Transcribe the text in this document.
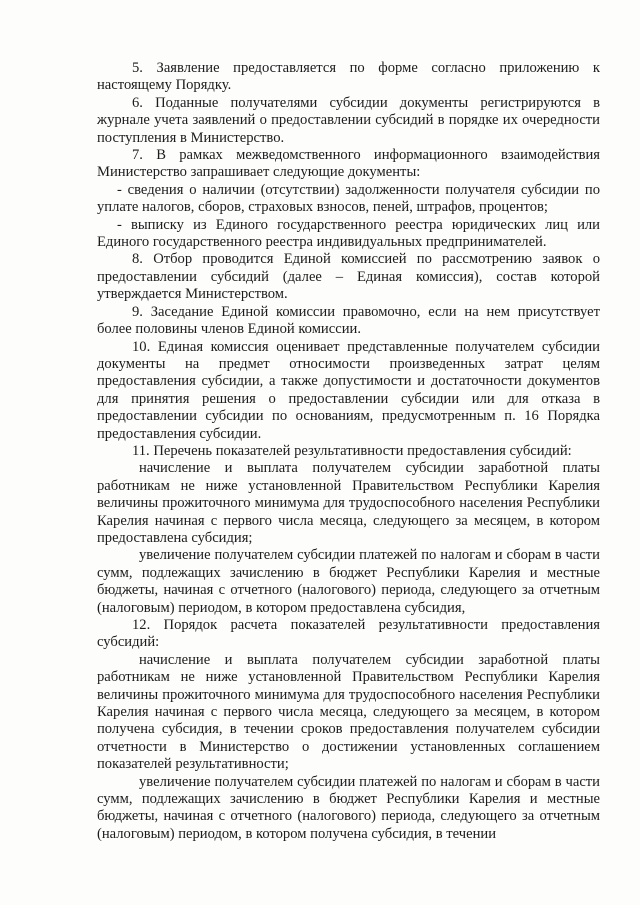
5. Заявление предоставляется по форме согласно приложению к настоящему Порядку.

6. Поданные получателями субсидии документы регистрируются в журнале учета заявлений о предоставлении субсидий в порядке их очередности поступления в Министерство.

7. В рамках межведомственного информационного взаимодействия Министерство запрашивает следующие документы:

- сведения о наличии (отсутствии) задолженности получателя субсидии по уплате налогов, сборов, страховых взносов, пеней, штрафов, процентов;

- выписку из Единого государственного реестра юридических лиц или Единого государственного реестра индивидуальных предпринимателей.

8. Отбор проводится Единой комиссией по рассмотрению заявок о предоставлении субсидий (далее – Единая комиссия), состав которой утверждается Министерством.

9. Заседание Единой комиссии правомочно, если на нем присутствует более половины членов Единой комиссии.

10. Единая комиссия оценивает представленные получателем субсидии документы на предмет относимости произведенных затрат целям предоставления субсидии, а также допустимости и достаточности документов для принятия решения о предоставлении субсидии или для отказа в предоставлении субсидии по основаниям, предусмотренным п. 16 Порядка предоставления субсидии.

11. Перечень показателей результативности предоставления субсидий:

начисление и выплата получателем субсидии заработной платы работникам не ниже установленной Правительством Республики Карелия величины прожиточного минимума для трудоспособного населения Республики Карелия начиная с первого числа месяца, следующего за месяцем, в котором предоставлена субсидия;

увеличение получателем субсидии платежей по налогам и сборам в части сумм, подлежащих зачислению в бюджет Республики Карелия и местные бюджеты, начиная с отчетного (налогового) периода, следующего за отчетным (налоговым) периодом, в котором предоставлена субсидия,

12. Порядок расчета показателей результативности предоставления субсидий:

начисление и выплата получателем субсидии заработной платы работникам не ниже установленной Правительством Республики Карелия величины прожиточного минимума для трудоспособного населения Республики Карелия начиная с первого числа месяца, следующего за месяцем, в котором получена субсидия, в течении сроков предоставления получателем субсидии отчетности в Министерство о достижении установленных соглашением показателей результативности;

увеличение получателем субсидии платежей по налогам и сборам в части сумм, подлежащих зачислению в бюджет Республики Карелия и местные бюджеты, начиная с отчетного (налогового) периода, следующего за отчетным (налоговым) периодом, в котором получена субсидия, в течении
